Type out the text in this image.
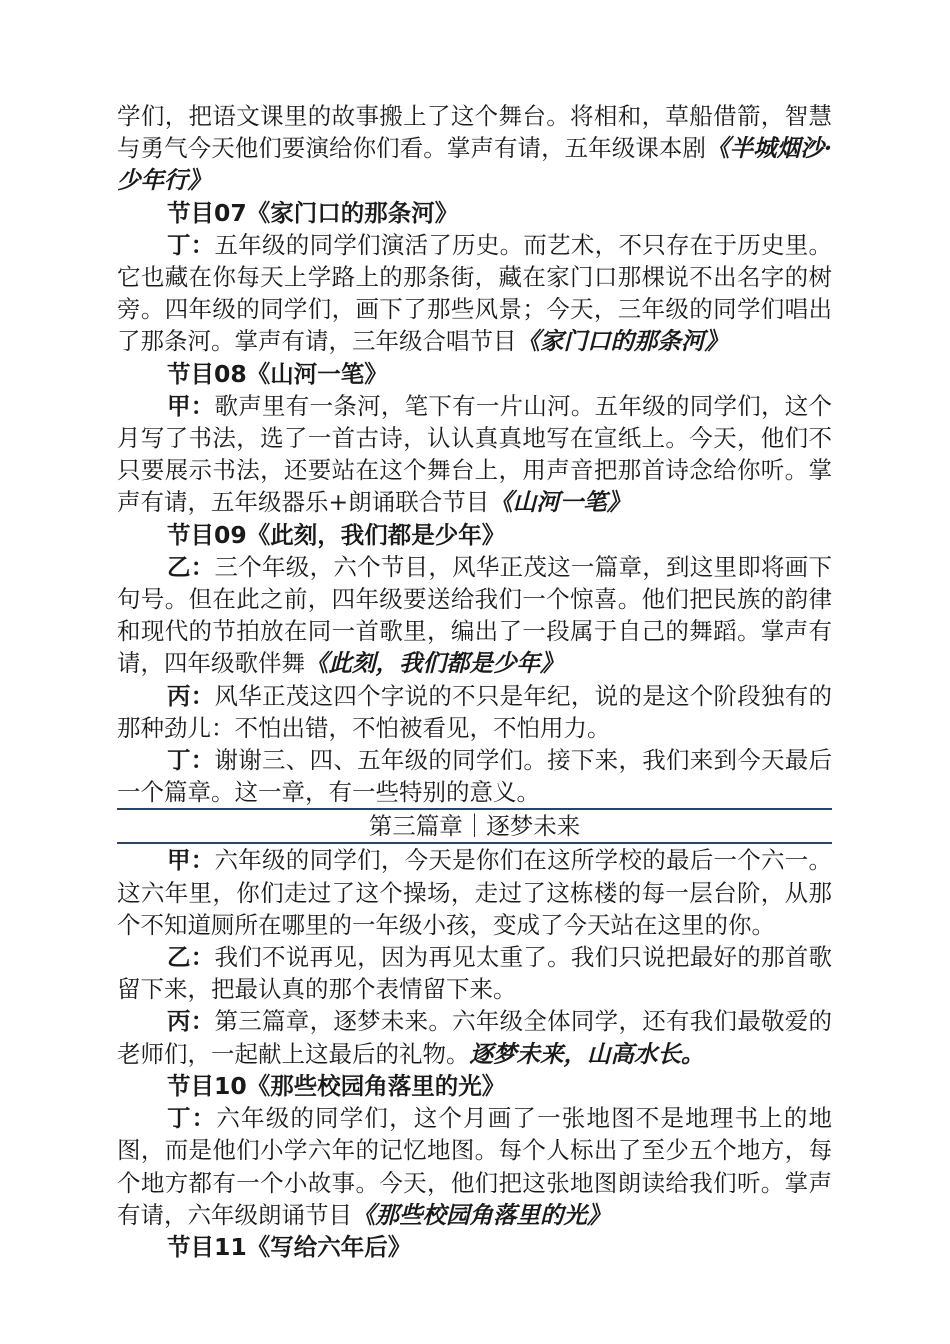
学们，把语文课里的故事搬上了这个舞台。将相和，草船借箭，智慧与勇气今天他们要演给你们看。掌声有请，五年级课本剧《半城烟沙·少年行》

节目07《家门口的那条河》

丁：五年级的同学们演活了历史。而艺术，不只存在于历史里。它也藏在你每天上学路上的那条街，藏在家门口那棵说不出名字的树旁。四年级的同学们，画下了那些风景；今天，三年级的同学们唱出了那条河。掌声有请，三年级合唱节目《家门口的那条河》

节目08《山河一笔》

甲：歌声里有一条河，笔下有一片山河。五年级的同学们，这个月写了书法，选了一首古诗，认认真真地写在宣纸上。今天，他们不只要展示书法，还要站在这个舞台上，用声音把那首诗念给你听。掌声有请，五年级器乐+朗诵联合节目《山河一笔》

节目09《此刻，我们都是少年》

乙：三个年级，六个节目，风华正茂这一篇章，到这里即将画下句号。但在此之前，四年级要送给我们一个惊喜。他们把民族的韵律和现代的节拍放在同一首歌里，编出了一段属于自己的舞蹈。掌声有请，四年级歌伴舞《此刻，我们都是少年》

丙：风华正茂这四个字说的不只是年纪，说的是这个阶段独有的那种劲儿：不怕出错，不怕被看见，不怕用力。

丁：谢谢三、四、五年级的同学们。接下来，我们来到今天最后一个篇章。这一章，有一些特别的意义。

第三篇章｜逐梦未来

甲：六年级的同学们，今天是你们在这所学校的最后一个六一。这六年里，你们走过了这个操场，走过了这栋楼的每一层台阶，从那个不知道厕所在哪里的一年级小孩，变成了今天站在这里的你。

乙：我们不说再见，因为再见太重了。我们只说把最好的那首歌留下来，把最认真的那个表情留下来。

丙：第三篇章，逐梦未来。六年级全体同学，还有我们最敬爱的老师们，一起献上这最后的礼物。逐梦未来，山高水长。

节目10《那些校园角落里的光》

丁：六年级的同学们，这个月画了一张地图不是地理书上的地图，而是他们小学六年的记忆地图。每个人标出了至少五个地方，每个地方都有一个小故事。今天，他们把这张地图朗读给我们听。掌声有请，六年级朗诵节目《那些校园角落里的光》

节目11《写给六年后》
